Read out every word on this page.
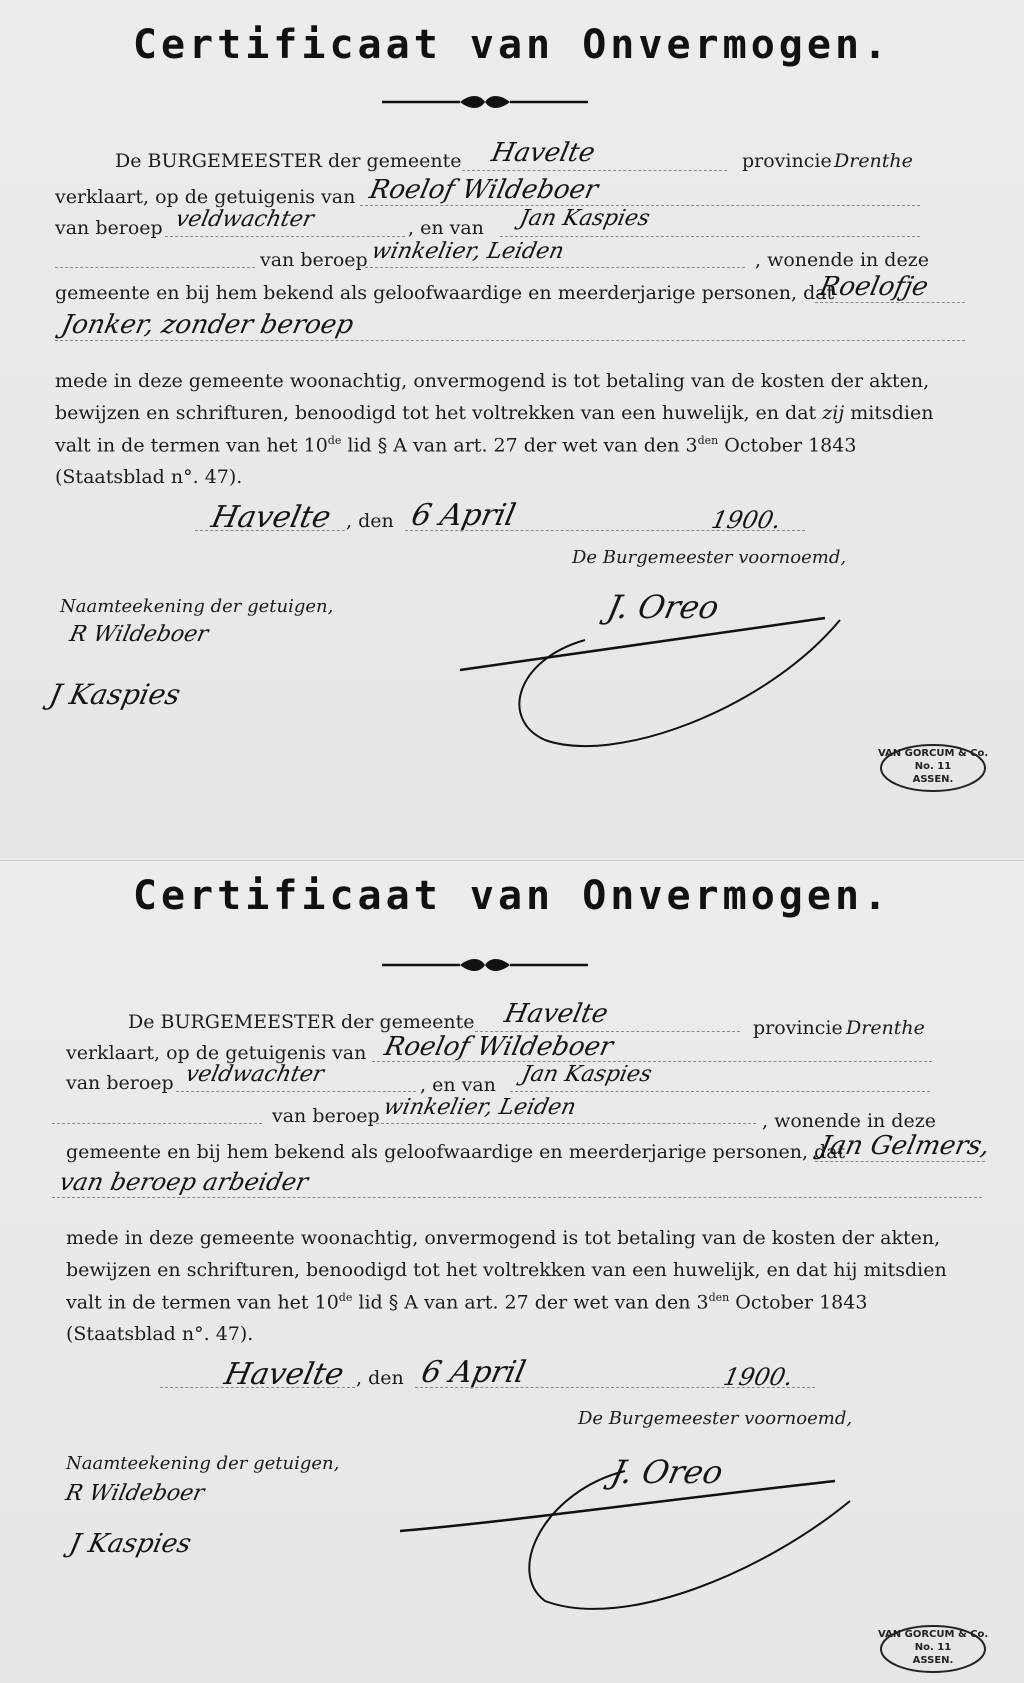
Certificaat van Onvermogen.
De BURGEMEESTER der gemeente Havelte	provincie Drenthe
verklaart, op de getuigenis van Roelof Wildeboer
van beroep veldwachter	, en van Jan Kaspies
van beroep winkelier, Leiden	, wonende in deze
gemeente en bij hem bekend als geloofwaardige en meerderjarige personen, dat
Roelofje
Jonker, zonder beroep
mede in deze gemeente woonachtig, onvermogend is tot betaling van de kosten der akten,
bewijzen en schrifturen, benoodigd tot het voltrekken van een huwelijk, en dat zij mitsdien
valt in de termen van het 10de lid § A van art. 27 der wet van den $3^{den}$ October 1843
(Staatsblad n°. 47).
Havelte , den 6 April	1900.
De Burgemeester voornoemd,
Naamteekening der getuigen,
R Wildeboer
J Kaspies
J. Oreo
VAN GORCUM & Co.
No. 11
ASSEN.
Certificaat van Onvermogen.
De BURGEMEESTER der gemeente Havelte	provincie Drenthe
verklaart, op de getuigenis van Roelof Wildeboer
van beroep veldwachter	, en van Jan Kaspies
van beroep winkelier, Leiden
, wonende in deze
gemeente en bij hem bekend als geloofwaardige en meerderjarige personen, dat
Jan Gelmers,
van beroep arbeider
mede in deze gemeente woonachtig, onvermogend is tot betaling van de kosten der akten,
bewijzen en schrifturen, benoodigd tot het voltrekken van een huwelijk, en dat hij mitsdien
valt in de termen van het 10de lid § A van art. 27 der wet van den $3^{den}$ October 1843
(Staatsblad n°. 47).
Havelte , den 6 April	1900.
De Burgemeester voornoemd,
Naamteekening der getuigen,
R Wildeboer
J Kaspies
J. Oreo
VAN GORCUM & Co.
No. 11
ASSEN.
